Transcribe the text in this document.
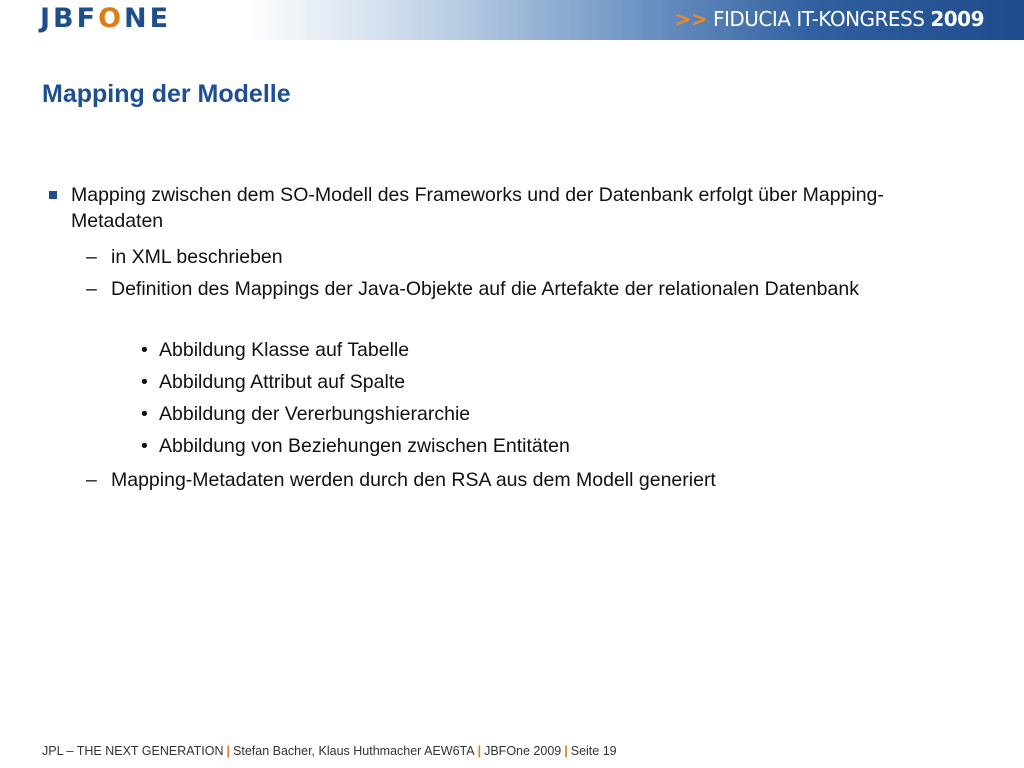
JBFONE	>> FIDUCIA IT-KONGRESS 2009
Mapping der Modelle
Mapping zwischen dem SO-Modell des Frameworks und der Datenbank erfolgt über Mapping-Metadaten
– in XML beschrieben
– Definition des Mappings der Java-Objekte auf die Artefakte der relationalen Datenbank
• Abbildung Klasse auf Tabelle
• Abbildung Attribut auf Spalte
• Abbildung der Vererbungshierarchie
• Abbildung von Beziehungen zwischen Entitäten
– Mapping-Metadaten werden durch den RSA aus dem Modell generiert
JPL – THE NEXT GENERATION | Stefan Bacher, Klaus Huthmacher AEW6TA | JBFOne 2009 | Seite 19
